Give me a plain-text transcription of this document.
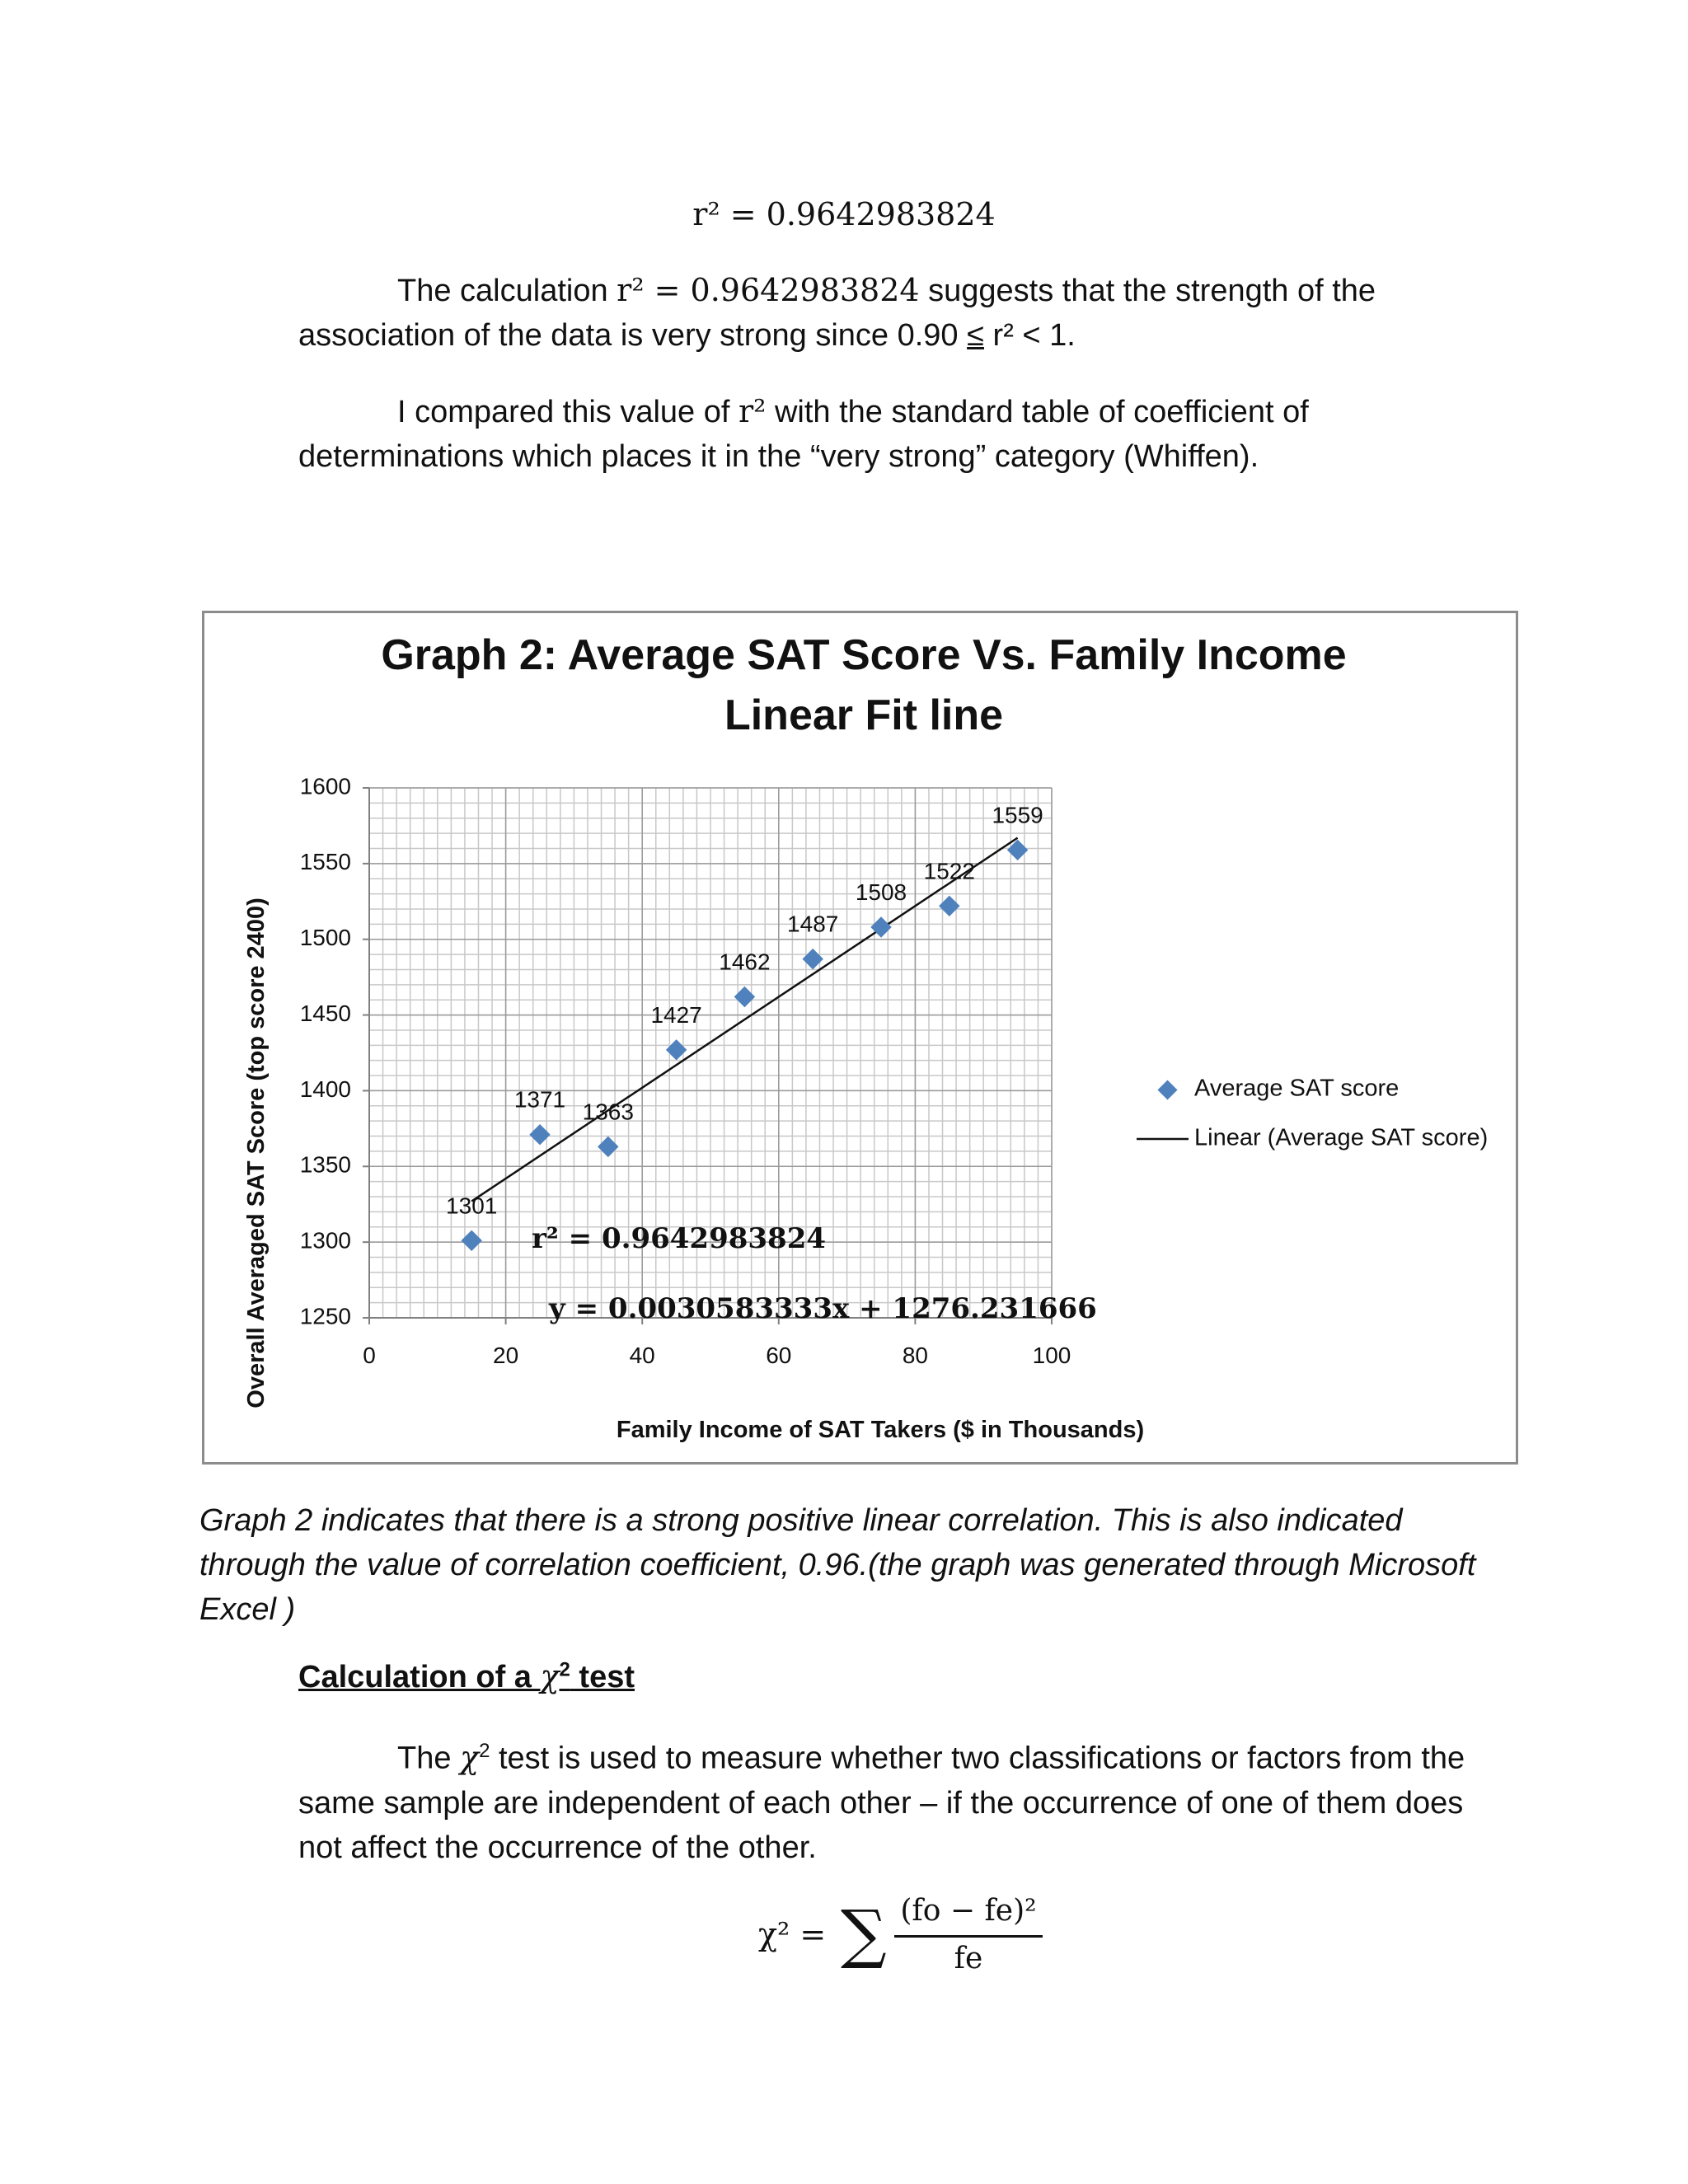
r² = 0.9642983824
The calculation r² = 0.9642983824 suggests that the strength of the association of the data is very strong since 0.90 ≤ r² < 1.
I compared this value of r² with the standard table of coefficient of determinations which places it in the “very strong” category (Whiffen).
Graph 2: Average SAT Score Vs. Family Income
Linear Fit line
1250
1300
1350
1400
1450
1500
1550
1600
0	20	40	60	80	100
1301
1371 1363
1427
1462
1487
1508
1522
1559
r² = 0.9642983824
y = 0.0030583333x + 1276.231666
Family Income of SAT Takers ($ in Thousands)
Overall Averaged SAT Score (top score 2400)	Average SAT score
Linear (Average SAT score)
Graph 2 indicates that there is a strong positive linear correlation. This is also indicated through the value of correlation coefficient, 0.96.(the graph was generated through Microsoft Excel )
Calculation of a $\chi^2$ test
The $\chi^2$ test is used to measure whether two classifications or factors from the same sample are independent of each other – if the occurrence of one of them does not affect the occurrence of the other.
χ² = ∑ (fo − fe)²
fe
